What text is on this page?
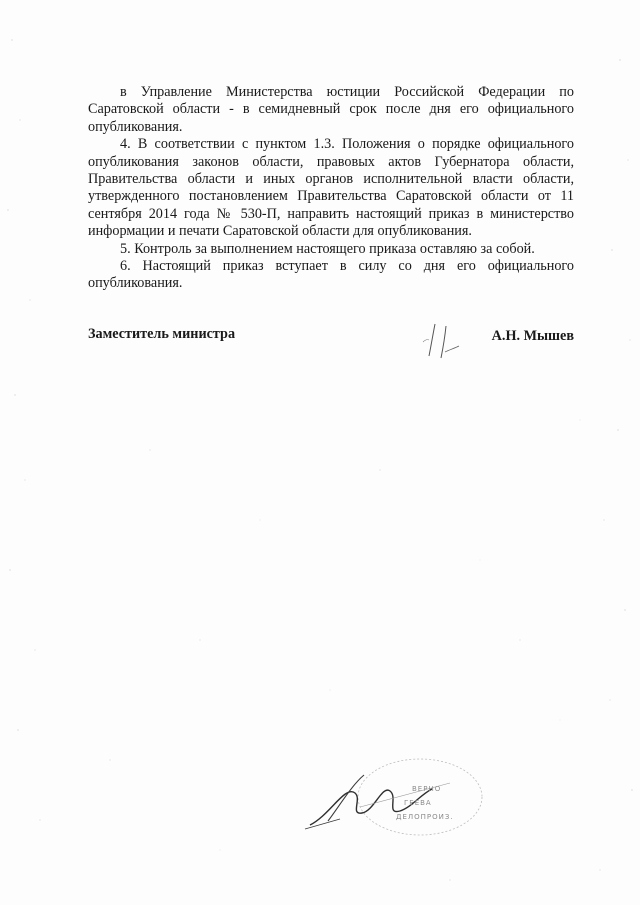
в Управление Министерства юстиции Российской Федерации по Саратовской области - в семидневный срок после дня его официального опубликования.

4. В соответствии с пунктом 1.3. Положения о порядке официального опубликования законов области, правовых актов Губернатора области, Правительства области и иных органов исполнительной власти области, утвержденного постановлением Правительства Саратовской области от 11 сентября 2014 года № 530-П, направить настоящий приказ в министерство информации и печати Саратовской области для опубликования.

5. Контроль за выполнением настоящего приказа оставляю за собой.

6. Настоящий приказ вступает в силу со дня его официального опубликования.

Заместитель министра	А.Н. Мышев
ВЕРНО
ГЕЕВА
ДЕЛОПРОИЗ.
